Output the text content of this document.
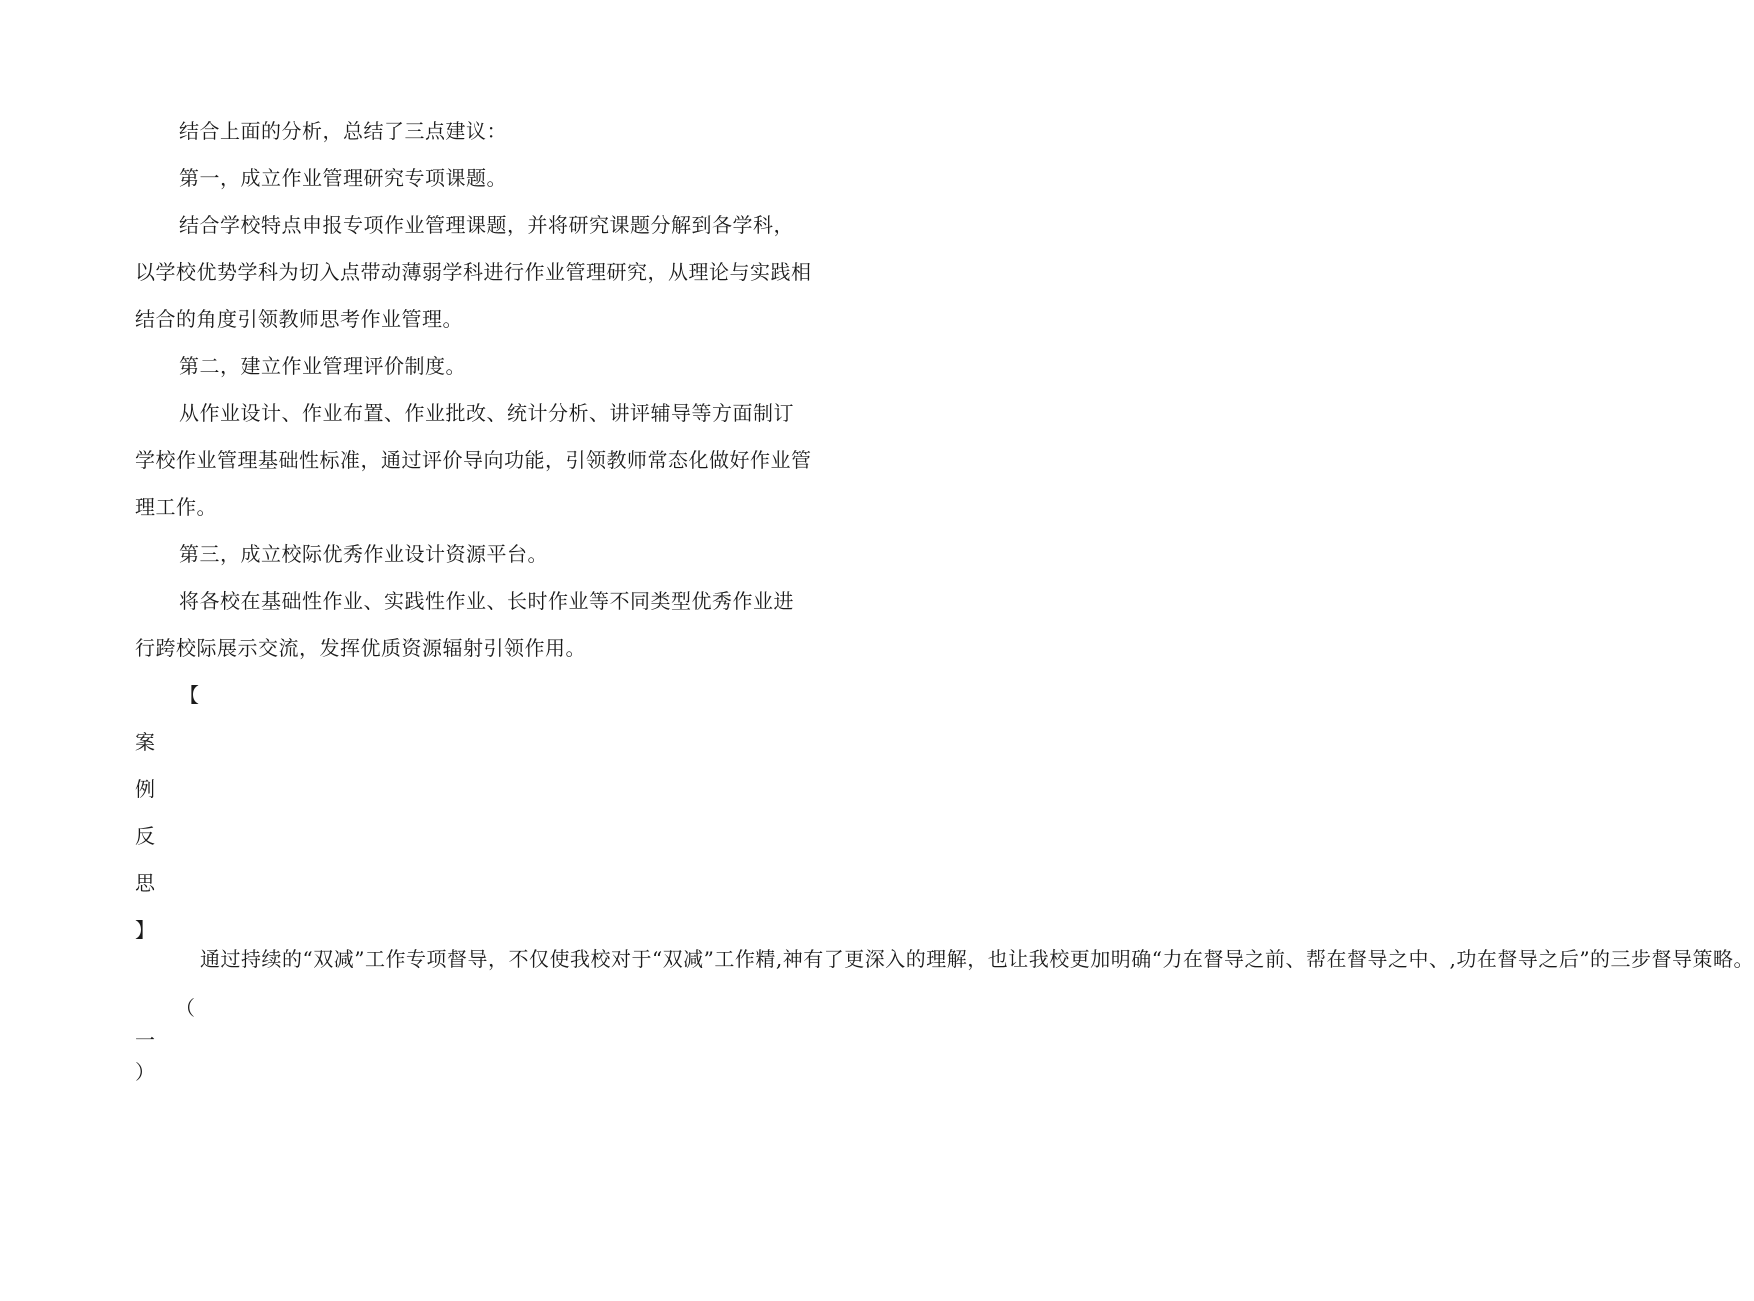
结合上面的分析，总结了三点建议：

第一，成立作业管理研究专项课题。

结合学校特点申报专项作业管理课题，并将研究课题分解到各学科，
以学校优势学科为切入点带动薄弱学科进行作业管理研究，从理论与实践相
结合的角度引领教师思考作业管理。

第二，建立作业管理评价制度。

从作业设计、作业布置、作业批改、统计分析、讲评辅导等方面制订
学校作业管理基础性标准，通过评价导向功能，引领教师常态化做好作业管
理工作。

第三，成立校际优秀作业设计资源平台。

将各校在基础性作业、实践性作业、长时作业等不同类型优秀作业进
行跨校际展示交流，发挥优质资源辐射引领作用。

【
案
例
反
思
】

通过持续的“双减”工作专项督导，不仅使我校对于“双减”工作精,神有了更深入的理解，也让我校更加明确“力在督导之前、帮在督导之中、,功在督导之后”的三步督导策略。

（
一
）
